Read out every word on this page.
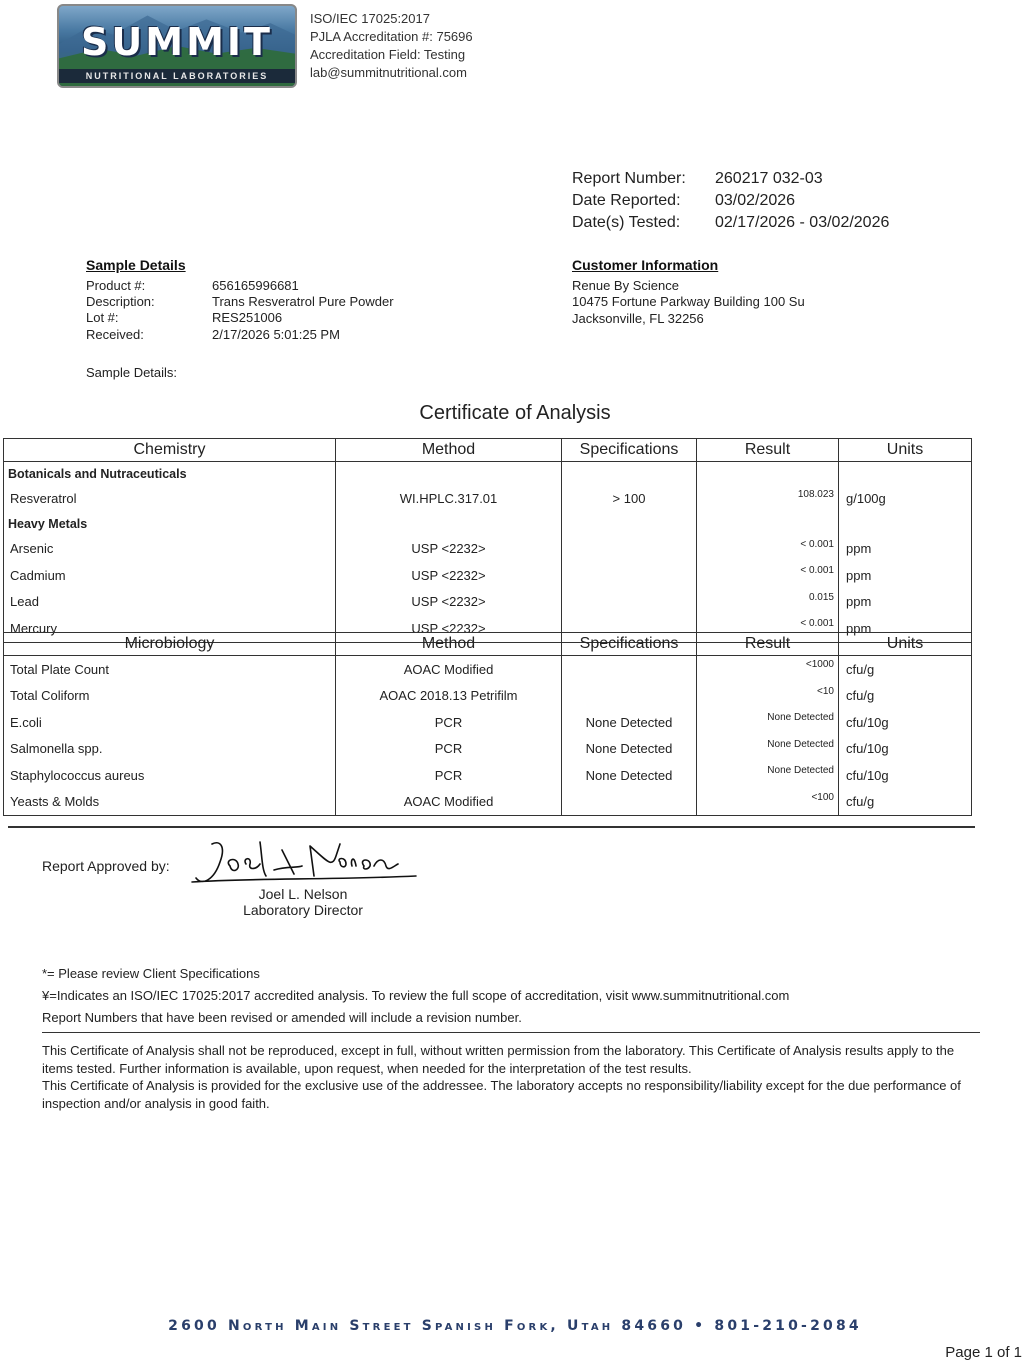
SUMMIT
NUTRITIONAL LABORATORIES
ISO/IEC 17025:2017
PJLA Accreditation #: 75696
Accreditation Field: Testing
lab@summitnutritional.com
Report Number: 260217 032-03
Date Reported: 03/02/2026
Date(s) Tested: 02/17/2026 - 03/02/2026
Sample Details
Product #:	656165996681
Description:	Trans Resveratrol Pure Powder
Lot #:	RES251006
Received:	2/17/2026 5:01:25 PM
Sample Details:
Customer Information
Renue By Science
10475 Fortune Parkway Building 100 Su
Jacksonville, FL 32256
Certificate of Analysis
Chemistry	Method	Specifications	Result	Units
Botanicals and Nutraceuticals				
Resveratrol	WI.HPLC.317.01	> 100	108.023	g/100g
Heavy Metals				
Arsenic	USP <2232>		< 0.001	ppm
Cadmium	USP <2232>		< 0.001	ppm
Lead	USP <2232>		0.015	ppm
Mercury	USP <2232>		< 0.001	ppm
Microbiology	Method	Specifications	Result	Units
Total Plate Count	AOAC Modified		<1000	cfu/g
Total Coliform	AOAC 2018.13 Petrifilm		<10	cfu/g
E.coli	PCR	None Detected	None Detected	cfu/10g
Salmonella spp.	PCR	None Detected	None Detected	cfu/10g
Staphylococcus aureus	PCR	None Detected	None Detected	cfu/10g
Yeasts & Molds	AOAC Modified		<100	cfu/g
Report Approved by:
Joel L. Nelson
Laboratory Director
*= Please review Client Specifications
¥=Indicates an ISO/IEC 17025:2017 accredited analysis. To review the full scope of accreditation, visit www.summitnutritional.com
Report Numbers that have been revised or amended will include a revision number.
This Certificate of Analysis shall not be reproduced, except in full, without written permission from the laboratory. This Certificate of Analysis results apply to the items tested. Further information is available, upon request, when needed for the interpretation of the test results.
This Certificate of Analysis is provided for the exclusive use of the addressee. The laboratory accepts no responsibility/liability except for the due performance of inspection and/or analysis in good faith.
2600 North Main Street Spanish Fork, Utah 84660 • 801-210-2084
Page 1 of 1
